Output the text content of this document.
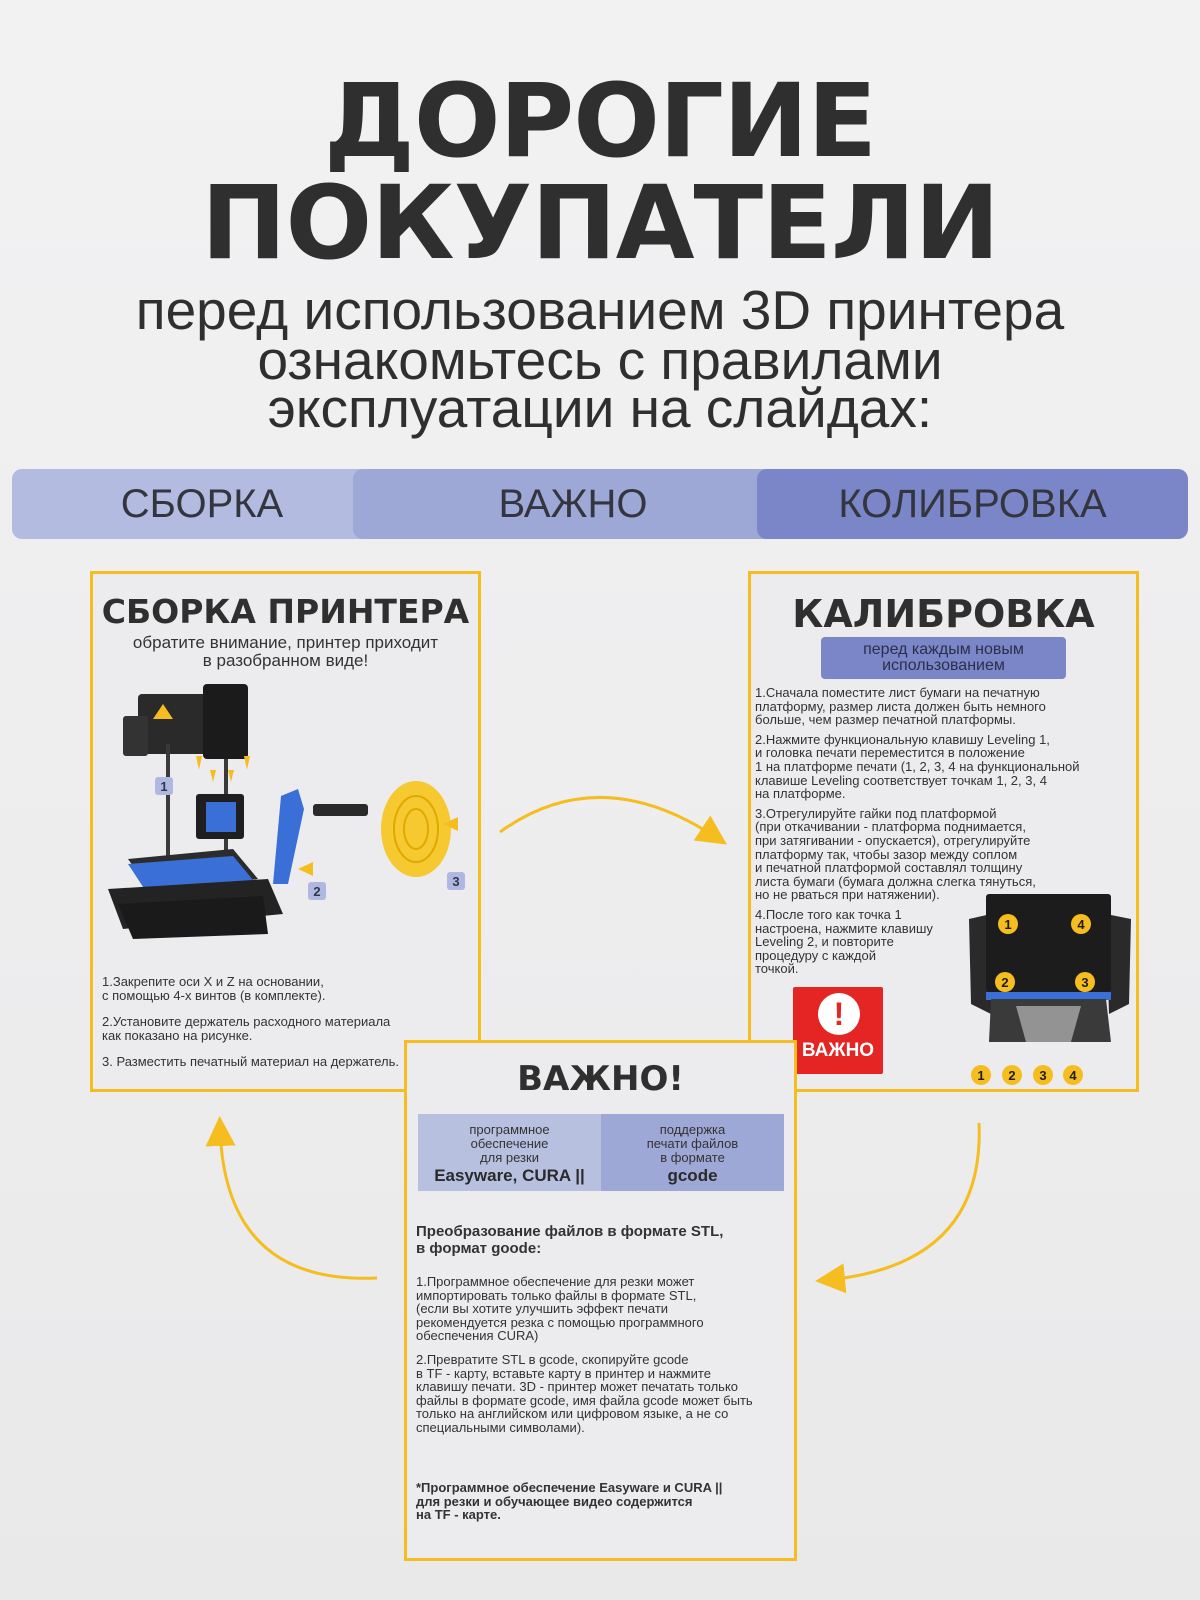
ДОРОГИЕ
ПОКУПАТЕЛИ
перед использованием 3D принтера
ознакомьтесь с правилами
эксплуатации на слайдах:
СБОРКА	ВАЖНО	КОЛИБРОВКА
СБОРКА ПРИНТЕРА
обратите внимание, принтер приходит
в разобранном виде!
1
2
3
1.Закрепите оси X и Z на основании,
с помощью 4-х винтов (в комплекте).
2.Установите держатель расходного материала
как показано на рисунке.
3. Разместить печатный материал на держатель.
КАЛИБРОВКА
перед каждым новым
использованием
1.Сначала поместите лист бумаги на печатную
платформу, размер листа должен быть немного
больше, чем размер печатной платформы.
2.Нажмите функциональную клавишу Leveling 1,
и головка печати переместится в положение
1 на платформе печати (1, 2, 3, 4 на функциональной
клавише Leveling соответствует точкам 1, 2, 3, 4
на платформе.
3.Отрегулируйте гайки под платформой
(при откачивании - платформа поднимается,
при затягивании - опускается), отрегулируйте
платформу так, чтобы зазор между соплом
и печатной платформой составлял толщину
листа бумаги (бумага должна слегка тянуться,
но не рваться при натяжении).
4.После того как точка 1
настроена, нажмите клавишу
Leveling 2, и повторите
процедуру с каждой
точкой.
1	4
2	3
1	2	3	4
!
ВАЖНО
ВАЖНО!
программное
обеспечение
для резки
Easyware, CURA ||
поддержка
печати файлов
в формате
gcode
Преобразование файлов в формате STL,
в формат goode:
1.Программное обеспечение для резки может
импортировать только файлы в формате STL,
(если вы хотите улучшить эффект печати
рекомендуется резка с помощью программного
обеспечения CURA)
2.Превратите STL в gcode, скопируйте gcode
в TF - карту, вставьте карту в принтер и нажмите
клавишу печати. 3D - принтер может печатать только
файлы в формате gcode, имя файла gcode может быть
только на английском или цифровом языке, а не со
специальными символами).
*Программное обеспечение Easyware и CURA ||
для резки и обучающее видео содержится
на TF - карте.
